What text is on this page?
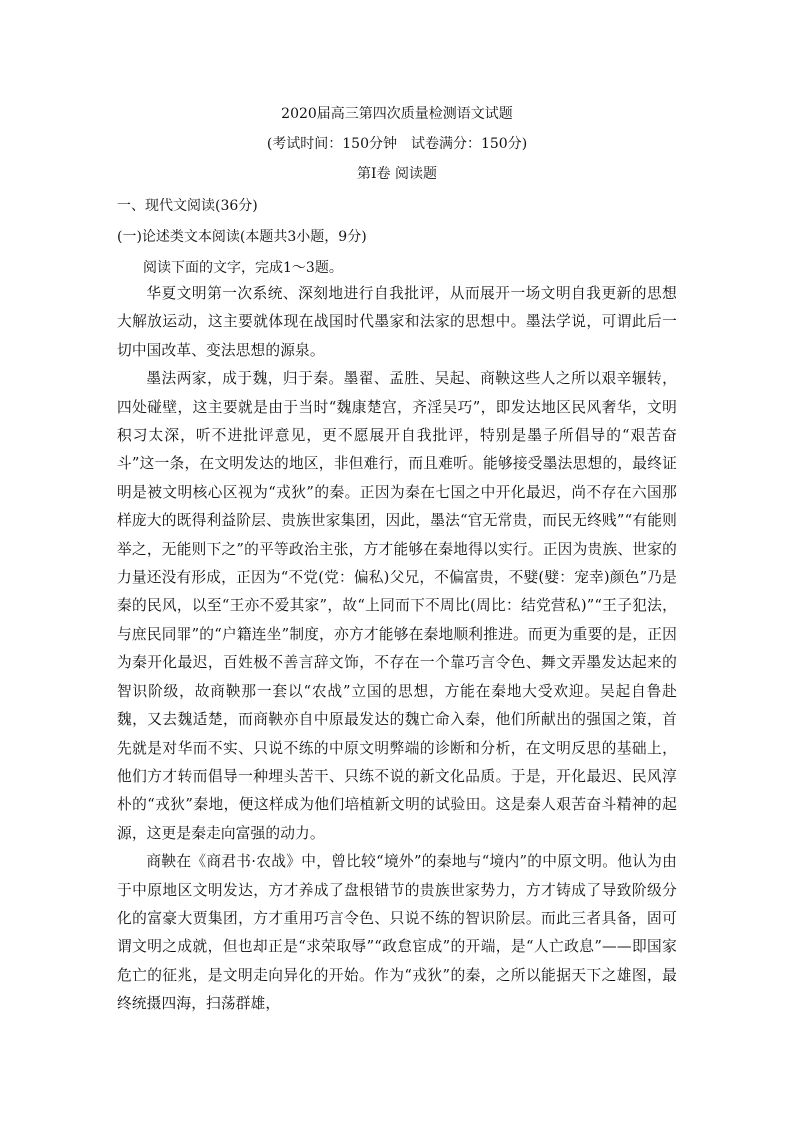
2020届高三第四次质量检测语文试题
(考试时间：150分钟　试卷满分：150分)
第Ⅰ卷 阅读题
一、现代文阅读(36分)
(一)论述类文本阅读(本题共3小题，9分)
阅读下面的文字，完成1～3题。

华夏文明第一次系统、深刻地进行自我批评，从而展开一场文明自我更新的思想大解放运动，这主要就体现在战国时代墨家和法家的思想中。墨法学说，可谓此后一切中国改革、变法思想的源泉。

墨法两家，成于魏，归于秦。墨翟、孟胜、吴起、商鞅这些人之所以艰辛辗转，四处碰壁，这主要就是由于当时“魏康楚宫，齐淫吴巧”，即发达地区民风奢华，文明积习太深，听不进批评意见，更不愿展开自我批评，特别是墨子所倡导的“艰苦奋斗”这一条，在文明发达的地区，非但难行，而且难听。能够接受墨法思想的，最终证明是被文明核心区视为“戎狄”的秦。正因为秦在七国之中开化最迟，尚不存在六国那样庞大的既得利益阶层、贵族世家集团，因此，墨法“官无常贵，而民无终贱”“有能则举之，无能则下之”的平等政治主张，方才能够在秦地得以实行。正因为贵族、世家的力量还没有形成，正因为“不党(党：偏私)父兄，不偏富贵，不嬖(嬖：宠幸)颜色”乃是秦的民风，以至“王亦不爱其家”，故“上同而下不周比(周比：结党营私)”“王子犯法，与庶民同罪”的“户籍连坐”制度，亦方才能够在秦地顺利推进。而更为重要的是，正因为秦开化最迟，百姓极不善言辞文饰，不存在一个靠巧言令色、舞文弄墨发达起来的智识阶级，故商鞅那一套以“农战”立国的思想，方能在秦地大受欢迎。吴起自鲁赴魏，又去魏适楚，而商鞅亦自中原最发达的魏亡命入秦，他们所献出的强国之策，首先就是对华而不实、只说不练的中原文明弊端的诊断和分析，在文明反思的基础上，他们方才转而倡导一种埋头苦干、只练不说的新文化品质。于是，开化最迟、民风淳朴的“戎狄”秦地，便这样成为他们培植新文明的试验田。这是秦人艰苦奋斗精神的起源，这更是秦走向富强的动力。

商鞅在《商君书·农战》中，曾比较“境外”的秦地与“境内”的中原文明。他认为由于中原地区文明发达，方才养成了盘根错节的贵族世家势力，方才铸成了导致阶级分化的富豪大贾集团，方才重用巧言令色、只说不练的智识阶层。而此三者具备，固可谓文明之成就，但也却正是“求荣取辱”“政怠宦成”的开端，是“人亡政息”——即国家危亡的征兆，是文明走向异化的开始。作为“戎狄”的秦，之所以能据天下之雄图，最终统摄四海，扫荡群雄，
